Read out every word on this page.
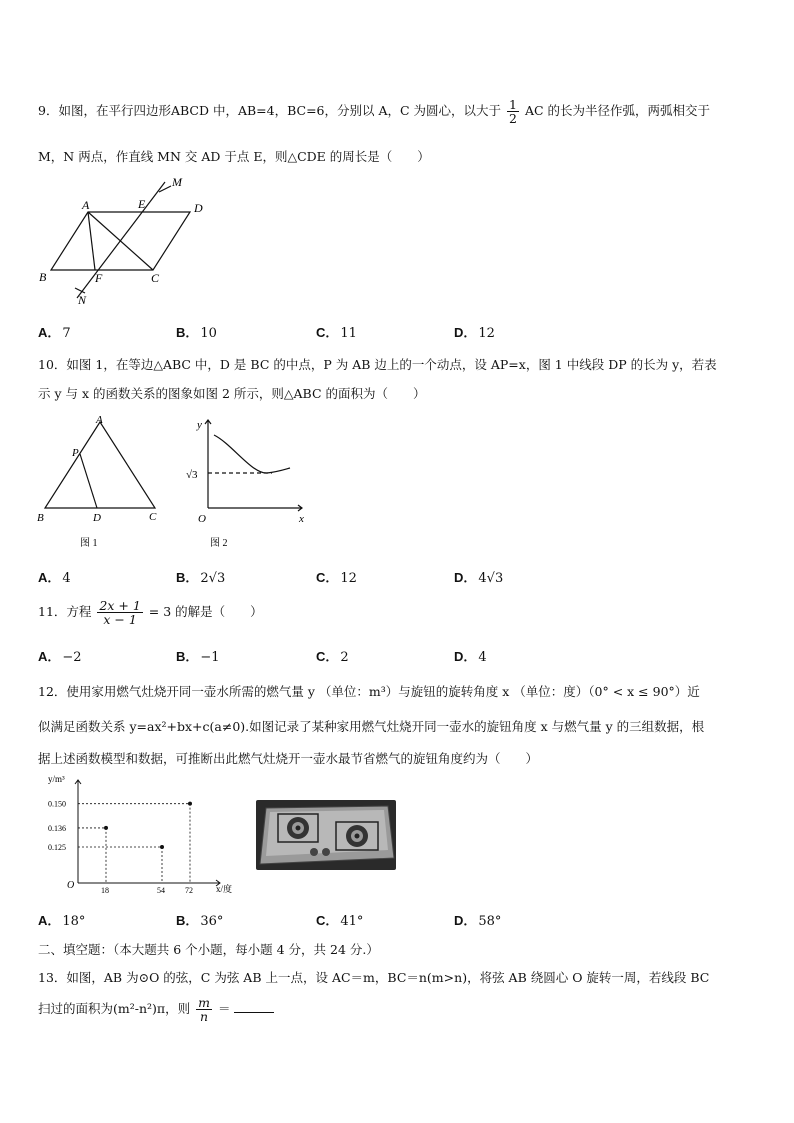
9．如图，在平行四边形ABCD 中，AB=4，BC=6，分别以 A，C 为圆心，以大于 $\frac{1}{2}$ AC 的长为半径作弧，两弧相交于
M，N 两点，作直线 MN 交 AD 于点 E，则△CDE 的周长是（　　）
A	E	D
B	F	C
M
N
A． 7	B． 10	C． 11	D． 12
10．如图 1，在等边△ABC 中，D 是 BC 的中点，P 为 AB 边上的一个动点，设 AP=x，图 1 中线段 DP 的长为 y，若表
示 y 与 x 的函数关系的图象如图 2 所示，则△ABC 的面积为（　　）
A
P
B	D	C
图 1
y
√3
O	x
图 2
A． 4	B． 2√3	C． 12	D． 4√3
11．方程 $\frac{2x + 1}{x - 1} = 3$ 的解是（　　）
A． −2	B． −1	C． 2	D． 4
12．使用家用燃气灶烧开同一壶水所需的燃气量 y （单位：m³）与旋钮的旋转角度 x （单位：度）（0° < x ≤ 90°）近
似满足函数关系 y=ax²+bx+c(a≠0).如图记录了某种家用燃气灶烧开同一壶水的旋钮角度 x 与燃气量 y 的三组数据，根
据上述函数模型和数据，可推断出此燃气灶烧开一壶水最节省燃气的旋钮角度约为（　　）
0.150
0.136
0.125
18	54	72
y/m³
x/度
O
A． 18°	B． 36°	C． 41°	D． 58°
二、填空题：（本大题共 6 个小题，每小题 4 分，共 24 分.）
13．如图，AB 为⊙O 的弦，C 为弦 AB 上一点，设 AC＝m，BC＝n(m>n)，将弦 AB 绕圆心 O 旋转一周，若线段 BC
扫过的面积为(m²-n²)π，则 $\frac{m}{n}$ ＝
